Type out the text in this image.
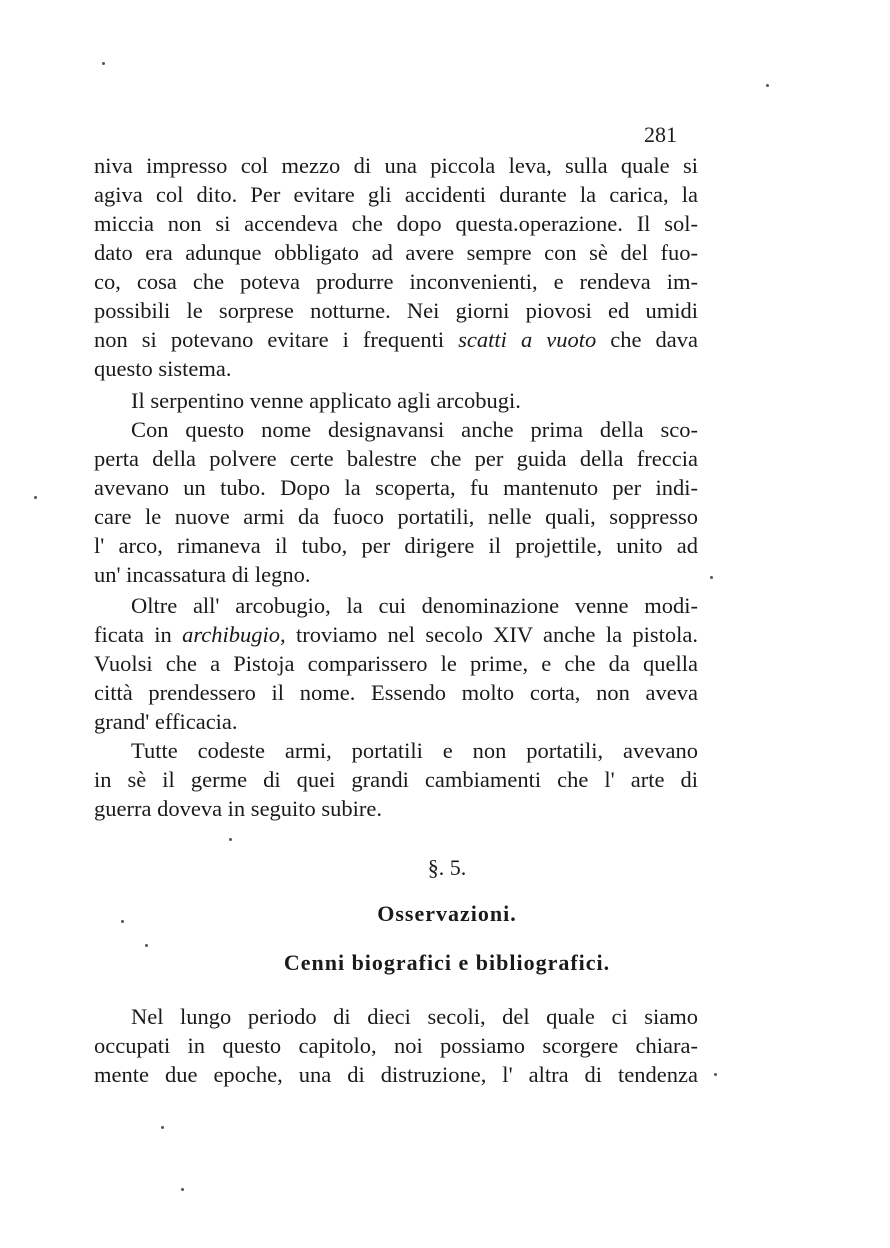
281
niva impresso col mezzo di una piccola leva, sulla quale si
agiva col dito. Per evitare gli accidenti durante la carica, la
miccia non si accendeva che dopo questa.operazione. Il sol-
dato era adunque obbligato ad avere sempre con sè del fuo-
co, cosa che poteva produrre inconvenienti, e rendeva im-
possibili le sorprese notturne. Nei giorni piovosi ed umidi
non si potevano evitare i frequenti scatti a vuoto che dava
questo sistema.
Il serpentino venne applicato agli arcobugi.
Con questo nome designavansi anche prima della sco-
perta della polvere certe balestre che per guida della freccia
avevano un tubo. Dopo la scoperta, fu mantenuto per indi-
care le nuove armi da fuoco portatili, nelle quali, soppresso
l' arco, rimaneva il tubo, per dirigere il projettile, unito ad
un' incassatura di legno.
Oltre all' arcobugio, la cui denominazione venne modi-
ficata in archibugio, troviamo nel secolo XIV anche la pistola.
Vuolsi che a Pistoja comparissero le prime, e che da quella
città prendessero il nome. Essendo molto corta, non aveva
grand' efficacia.
Tutte codeste armi, portatili e non portatili, avevano
in sè il germe di quei grandi cambiamenti che l' arte di
guerra doveva in seguito subire.
§. 5.
Osservazioni.
Cenni biografici e bibliografici.
Nel lungo periodo di dieci secoli, del quale ci siamo
occupati in questo capitolo, noi possiamo scorgere chiara-
mente due epoche, una di distruzione, l' altra di tendenza
